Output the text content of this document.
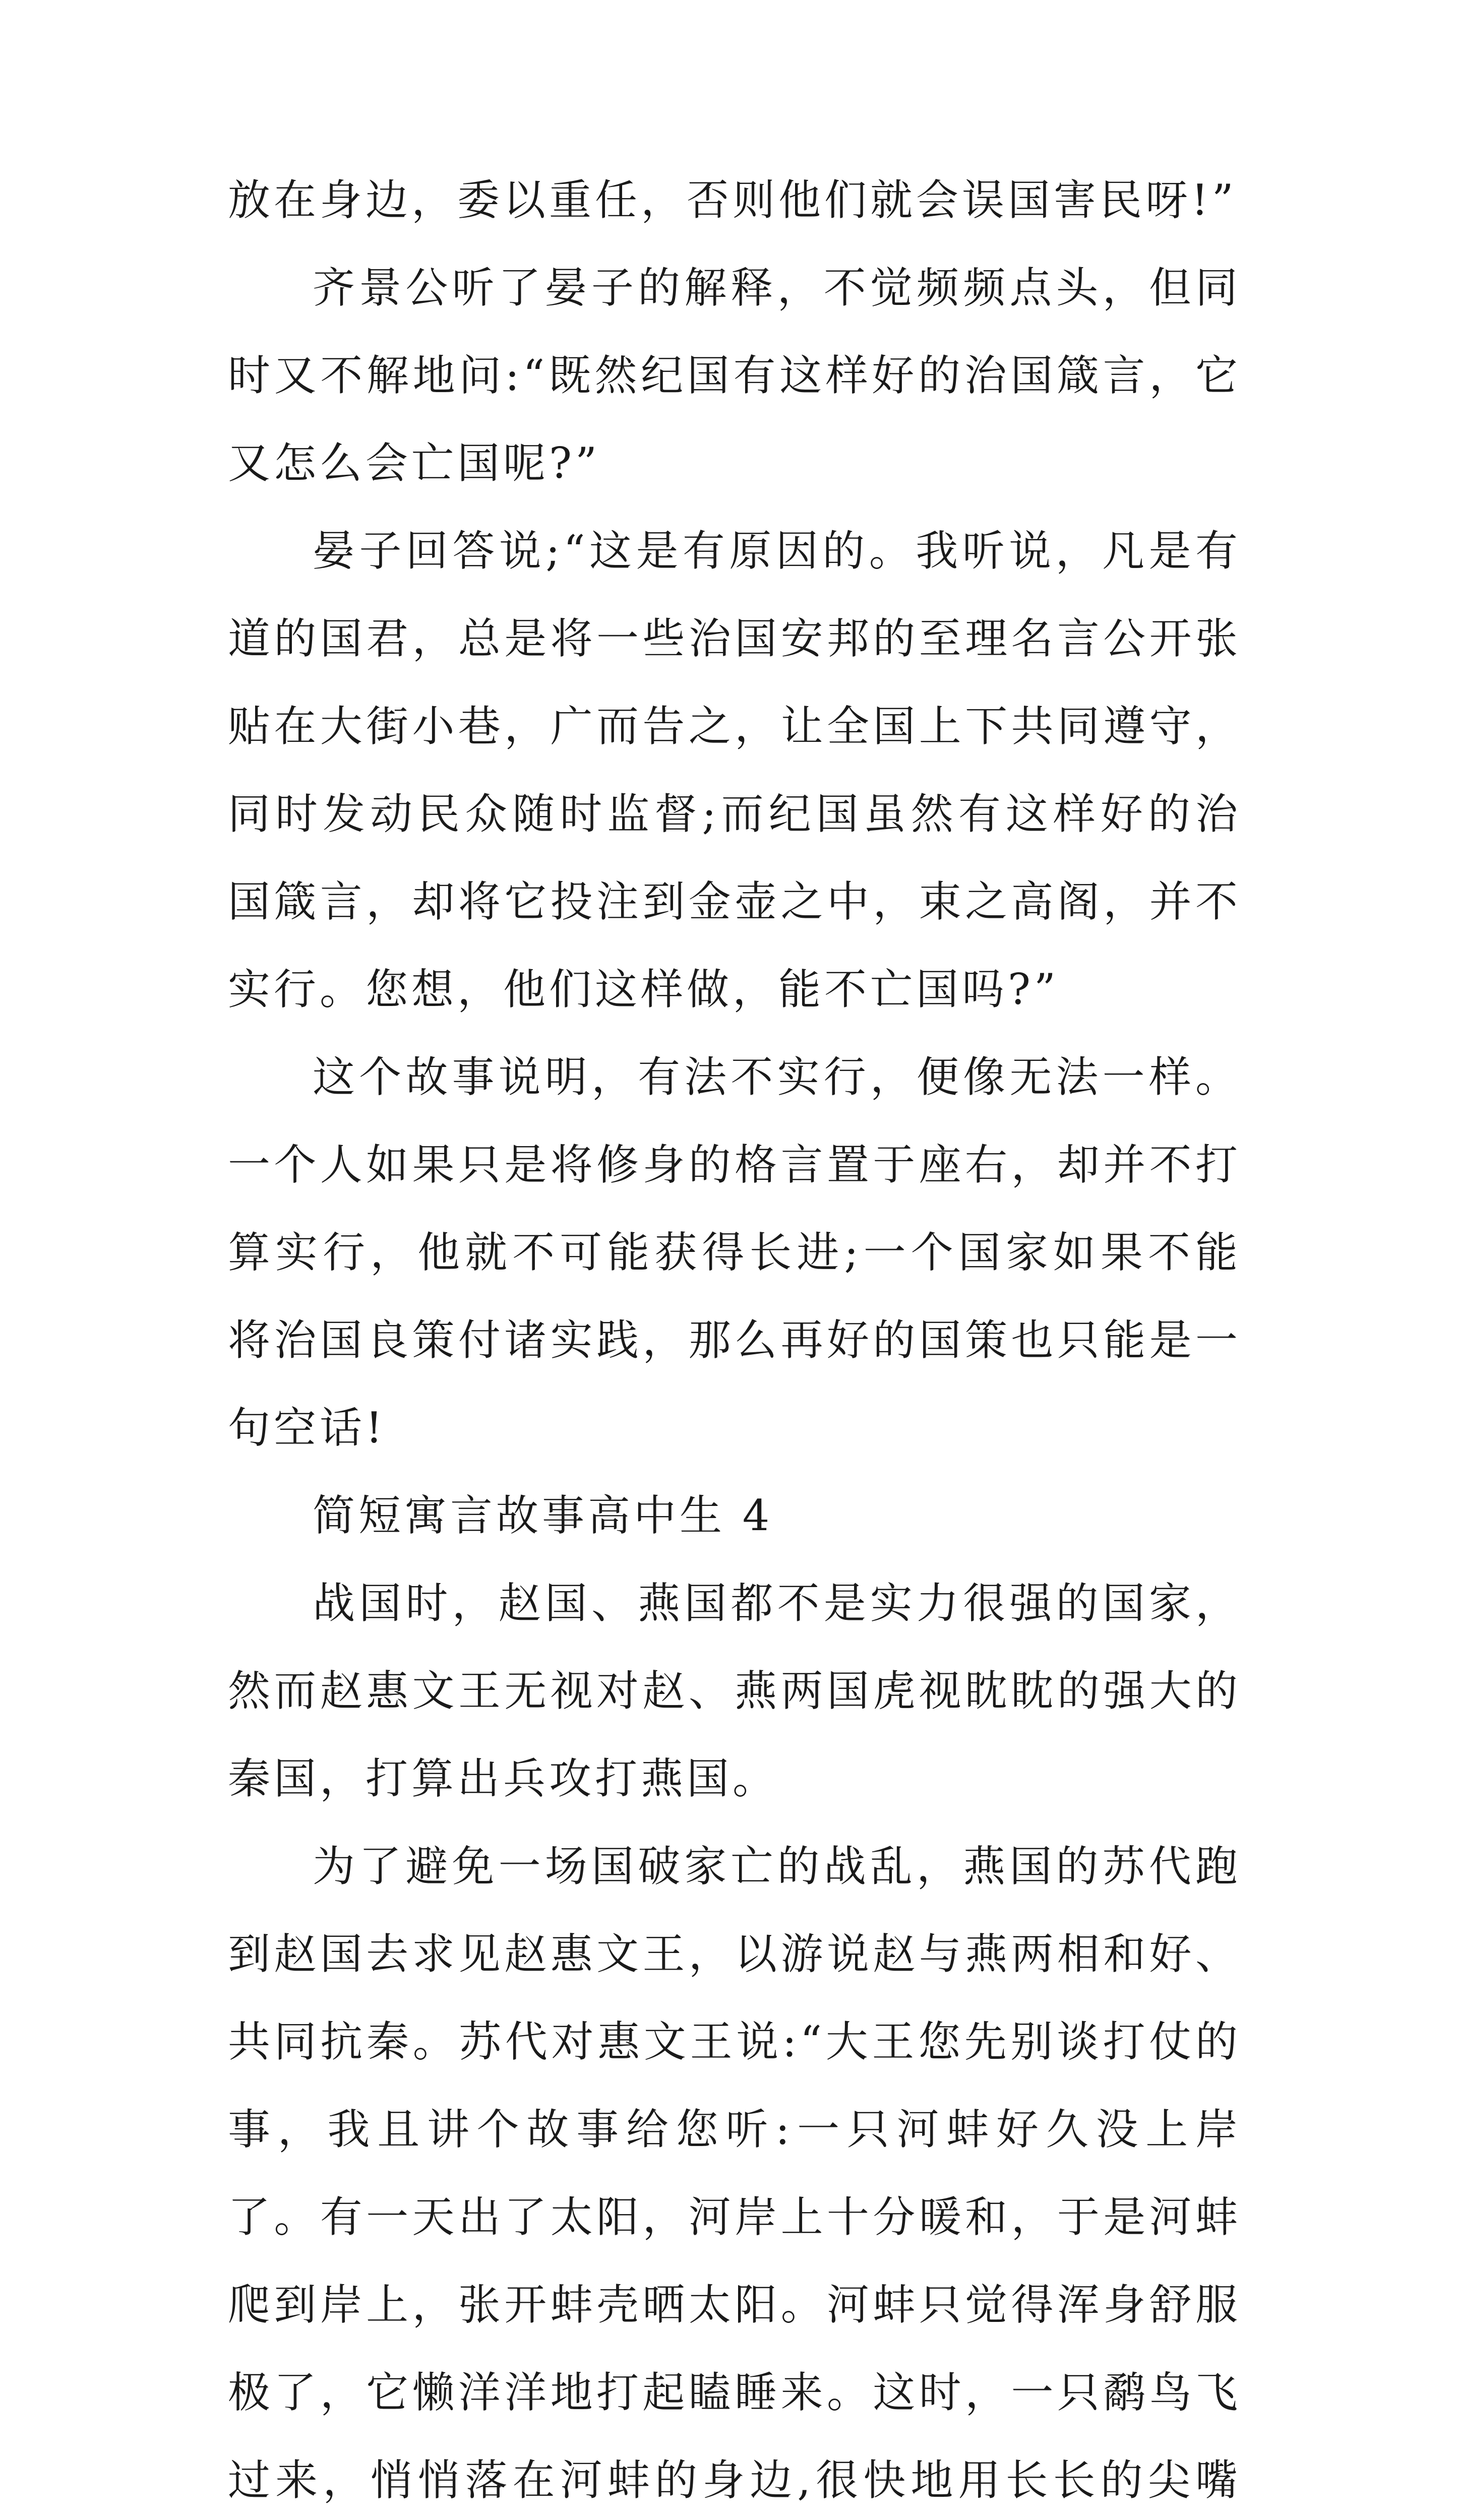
放在身边，委以重任，否则他们就会误国害民呀!”

齐景公听了晏子的解释，不觉频频点头，但同时又不解地问:“既然纪国有这样好的治国箴言，它又怎么会亡国呢?”

晏子回答说;“这是有原因的。我听说，凡是有道的国君，总是将一些治国安邦的至理名言公开张贴在大街小巷，广而告之，让全国上下共同遵守，同时发动民众随时监督;而纪国虽然有这样好的治国箴言，却将它投注到金壶之中，束之高阁，并不实行。您想，他们这样做，能不亡国吗?”

这个故事说明，有法不实行，便像无法一样。一个人如果只是将修身的格言置于座右，却并不打算实行，他就不可能获得长进;一个国家如果不能将治国良策付诸实践，那么再好的国策也只能是一句空话!

简短寓言故事高中生 4

战国时，赵国、燕国都不是实力很强的国家，然而赵惠文王无视对赵、燕两国虎视眈眈的强大的秦国，打算出兵攻打燕国。

为了避免一场国破家亡的战乱，燕国的苏代跑到赵国去求见赵惠文王，以游说赵与燕两相和好、共同抗秦。苏代对惠文王说:“大王您先别谈打仗的事，我且讲个故事给您听:一只河蚌好久没上岸了。有一天出了太阳，河岸上十分暖和，于是河蚌爬到岸上，张开蚌壳晒太阳。河蚌只觉得浑身舒服极了，它懒洋洋地打起瞌睡来。这时，一只鹬鸟飞过来，悄悄落在河蚌的身边,很快地用长长的尖嘴
